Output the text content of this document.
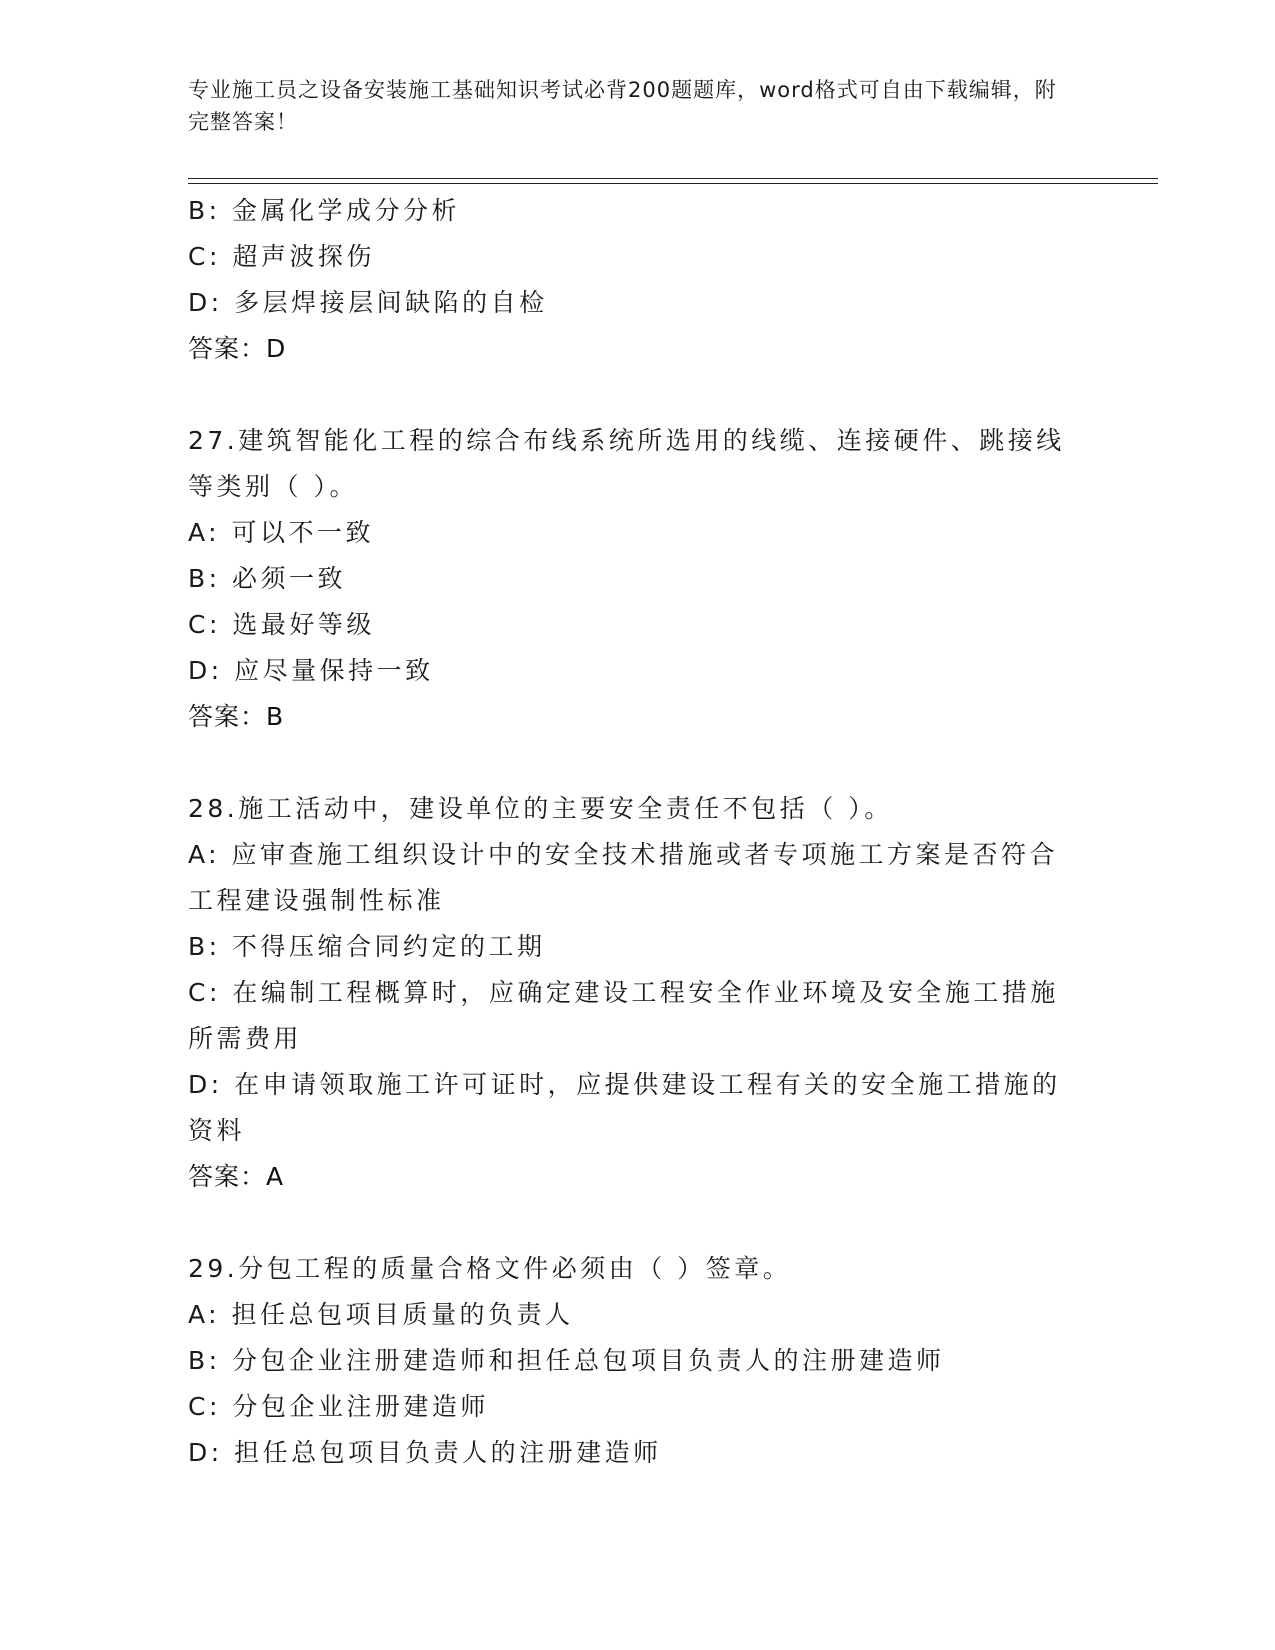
专业施工员之设备安装施工基础知识考试必背200题题库，word格式可自由下载编辑，附完整答案！
B: 金属化学成分分析
C: 超声波探伤
D: 多层焊接层间缺陷的自检
答案：D
27.建筑智能化工程的综合布线系统所选用的线缆、连接硬件、跳接线
等类别（ ）。
A: 可以不一致
B: 必须一致
C: 选最好等级
D: 应尽量保持一致
答案：B
28.施工活动中，建设单位的主要安全责任不包括（ ）。
A: 应审查施工组织设计中的安全技术措施或者专项施工方案是否符合
工程建设强制性标准
B: 不得压缩合同约定的工期
C: 在编制工程概算时，应确定建设工程安全作业环境及安全施工措施
所需费用
D: 在申请领取施工许可证时，应提供建设工程有关的安全施工措施的
资料
答案：A
29.分包工程的质量合格文件必须由（ ）签章。
A: 担任总包项目质量的负责人
B: 分包企业注册建造师和担任总包项目负责人的注册建造师
C: 分包企业注册建造师
D: 担任总包项目负责人的注册建造师
